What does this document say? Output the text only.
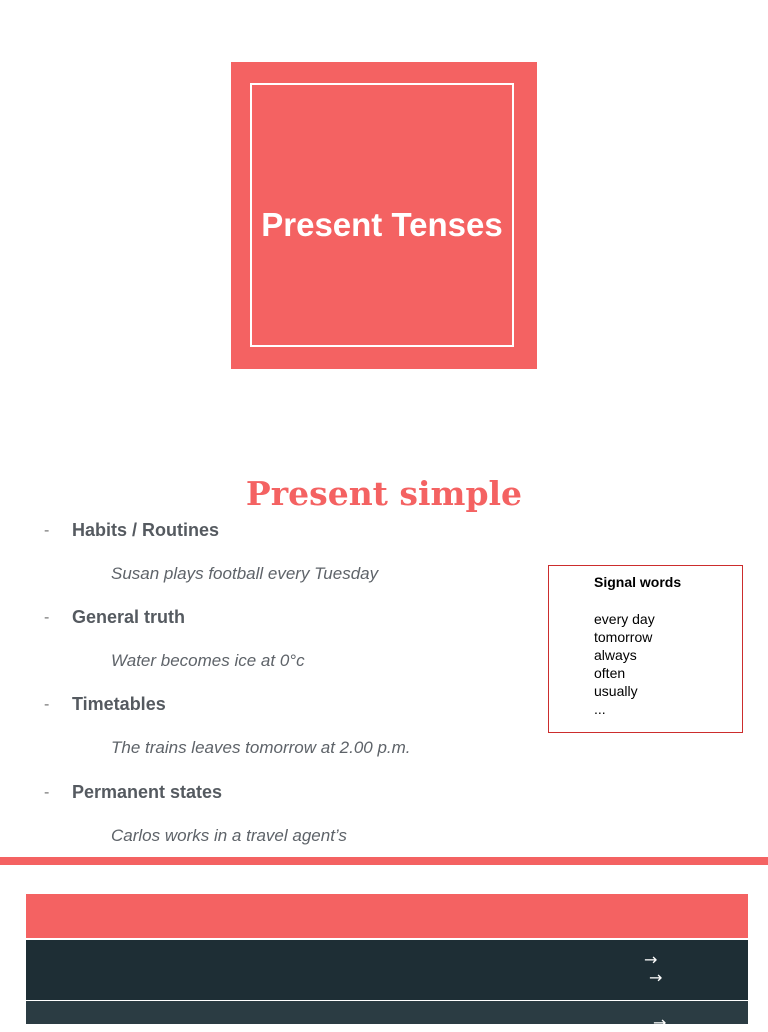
Present Tenses
Present simple
- Habits / Routines
Susan plays football every Tuesday
- General truth
Water becomes ice at 0°c
- Timetables
The trains leaves tomorrow at 2.00 p.m.
- Permanent states
Carlos works in a travel agent’s
Signal words
every day
tomorrow
always
often
usually
...
→
→
→
